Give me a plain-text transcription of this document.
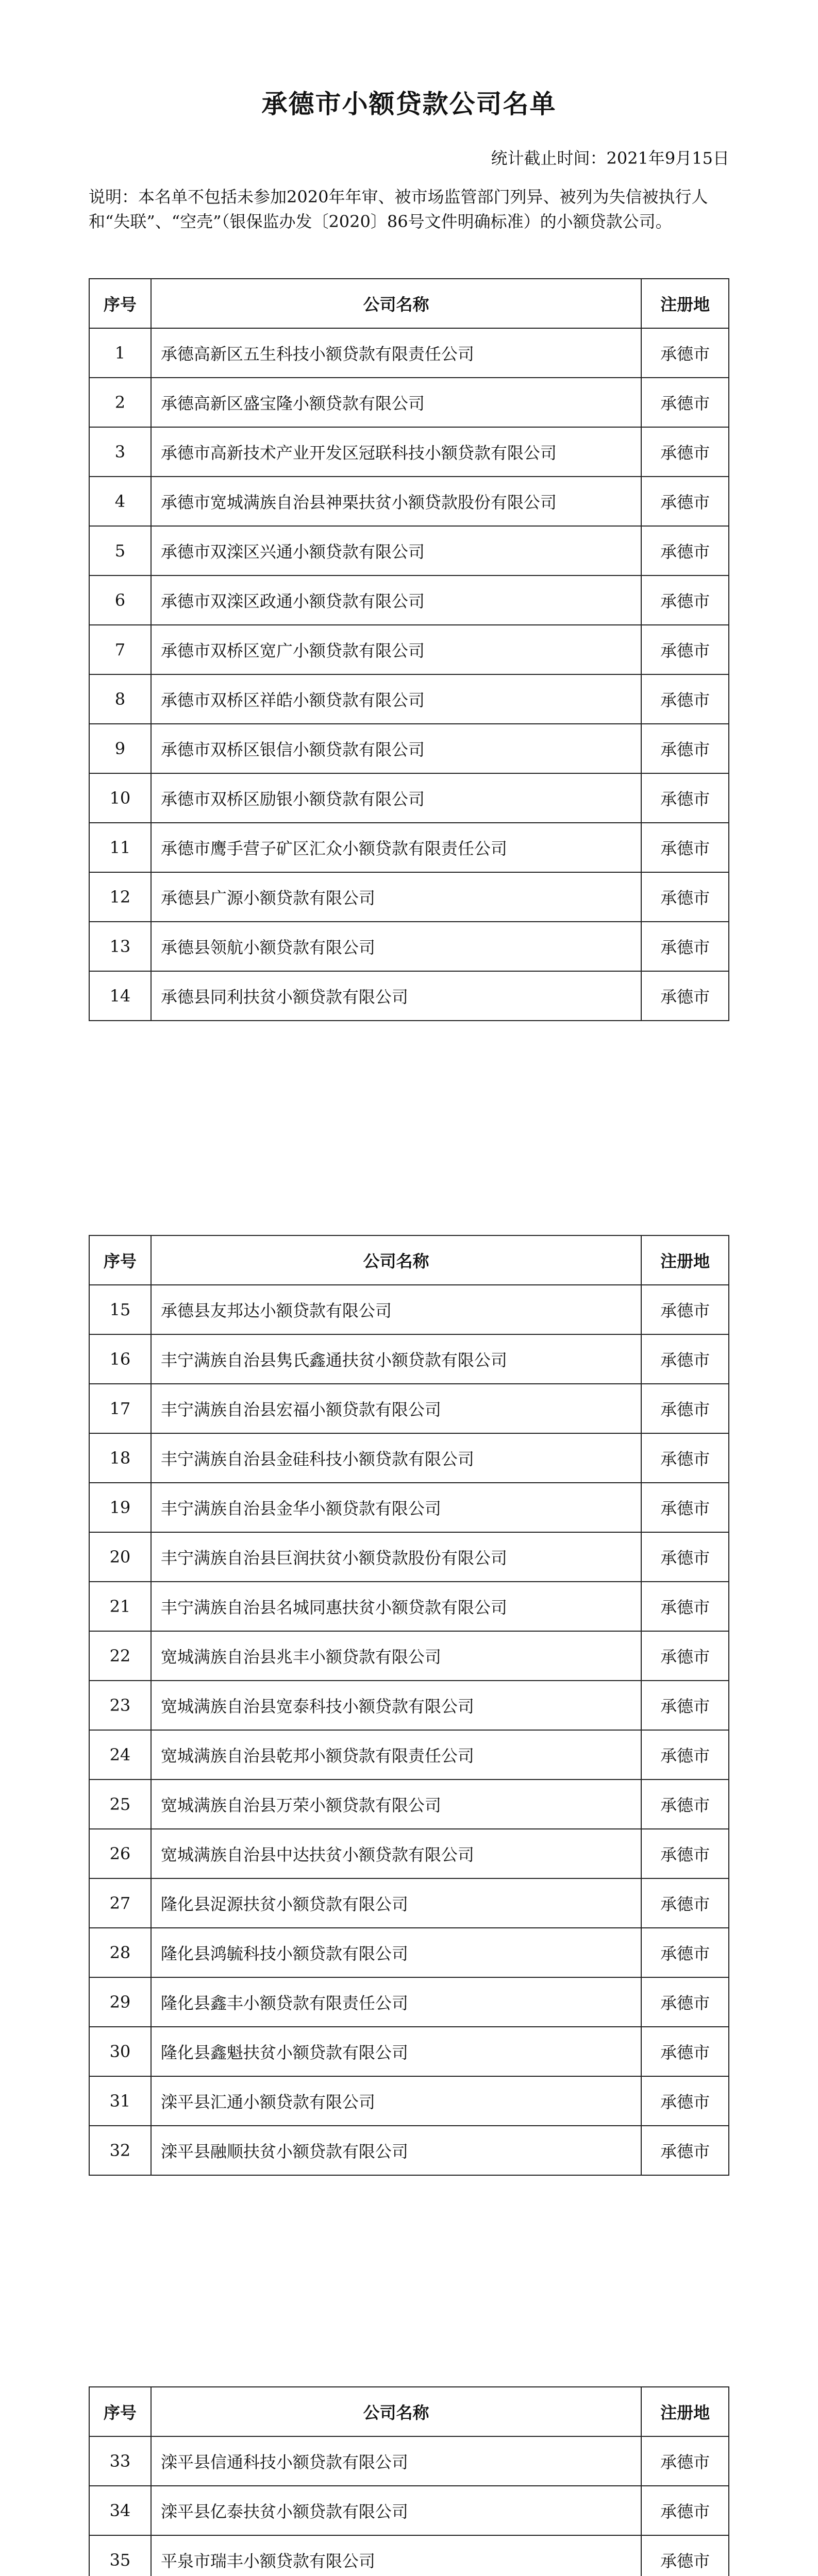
承德市小额贷款公司名单
统计截止时间：2021年9月15日
说明：本名单不包括未参加2020年年审、被市场监管部门列异、被列为失信被执行人和“失联”、“空壳”（银保监办发〔2020〕86号文件明确标准）的小额贷款公司。
序号	公司名称	注册地
1	承德高新区五生科技小额贷款有限责任公司	承德市
2	承德高新区盛宝隆小额贷款有限公司	承德市
3	承德市高新技术产业开发区冠联科技小额贷款有限公司	承德市
4	承德市宽城满族自治县神栗扶贫小额贷款股份有限公司	承德市
5	承德市双滦区兴通小额贷款有限公司	承德市
6	承德市双滦区政通小额贷款有限公司	承德市
7	承德市双桥区宽广小额贷款有限公司	承德市
8	承德市双桥区祥皓小额贷款有限公司	承德市
9	承德市双桥区银信小额贷款有限公司	承德市
10	承德市双桥区励银小额贷款有限公司	承德市
11	承德市鹰手营子矿区汇众小额贷款有限责任公司	承德市
12	承德县广源小额贷款有限公司	承德市
13	承德县领航小额贷款有限公司	承德市
14	承德县同利扶贫小额贷款有限公司	承德市
序号	公司名称	注册地
15	承德县友邦达小额贷款有限公司	承德市
16	丰宁满族自治县隽氏鑫通扶贫小额贷款有限公司	承德市
17	丰宁满族自治县宏福小额贷款有限公司	承德市
18	丰宁满族自治县金硅科技小额贷款有限公司	承德市
19	丰宁满族自治县金华小额贷款有限公司	承德市
20	丰宁满族自治县巨润扶贫小额贷款股份有限公司	承德市
21	丰宁满族自治县名城同惠扶贫小额贷款有限公司	承德市
22	宽城满族自治县兆丰小额贷款有限公司	承德市
23	宽城满族自治县宽泰科技小额贷款有限公司	承德市
24	宽城满族自治县乾邦小额贷款有限责任公司	承德市
25	宽城满族自治县万荣小额贷款有限公司	承德市
26	宽城满族自治县中达扶贫小额贷款有限公司	承德市
27	隆化县浞源扶贫小额贷款有限公司	承德市
28	隆化县鸿毓科技小额贷款有限公司	承德市
29	隆化县鑫丰小额贷款有限责任公司	承德市
30	隆化县鑫魁扶贫小额贷款有限公司	承德市
31	滦平县汇通小额贷款有限公司	承德市
32	滦平县融顺扶贫小额贷款有限公司	承德市
序号	公司名称	注册地
33	滦平县信通科技小额贷款有限公司	承德市
34	滦平县亿泰扶贫小额贷款有限公司	承德市
35	平泉市瑞丰小额贷款有限公司	承德市
